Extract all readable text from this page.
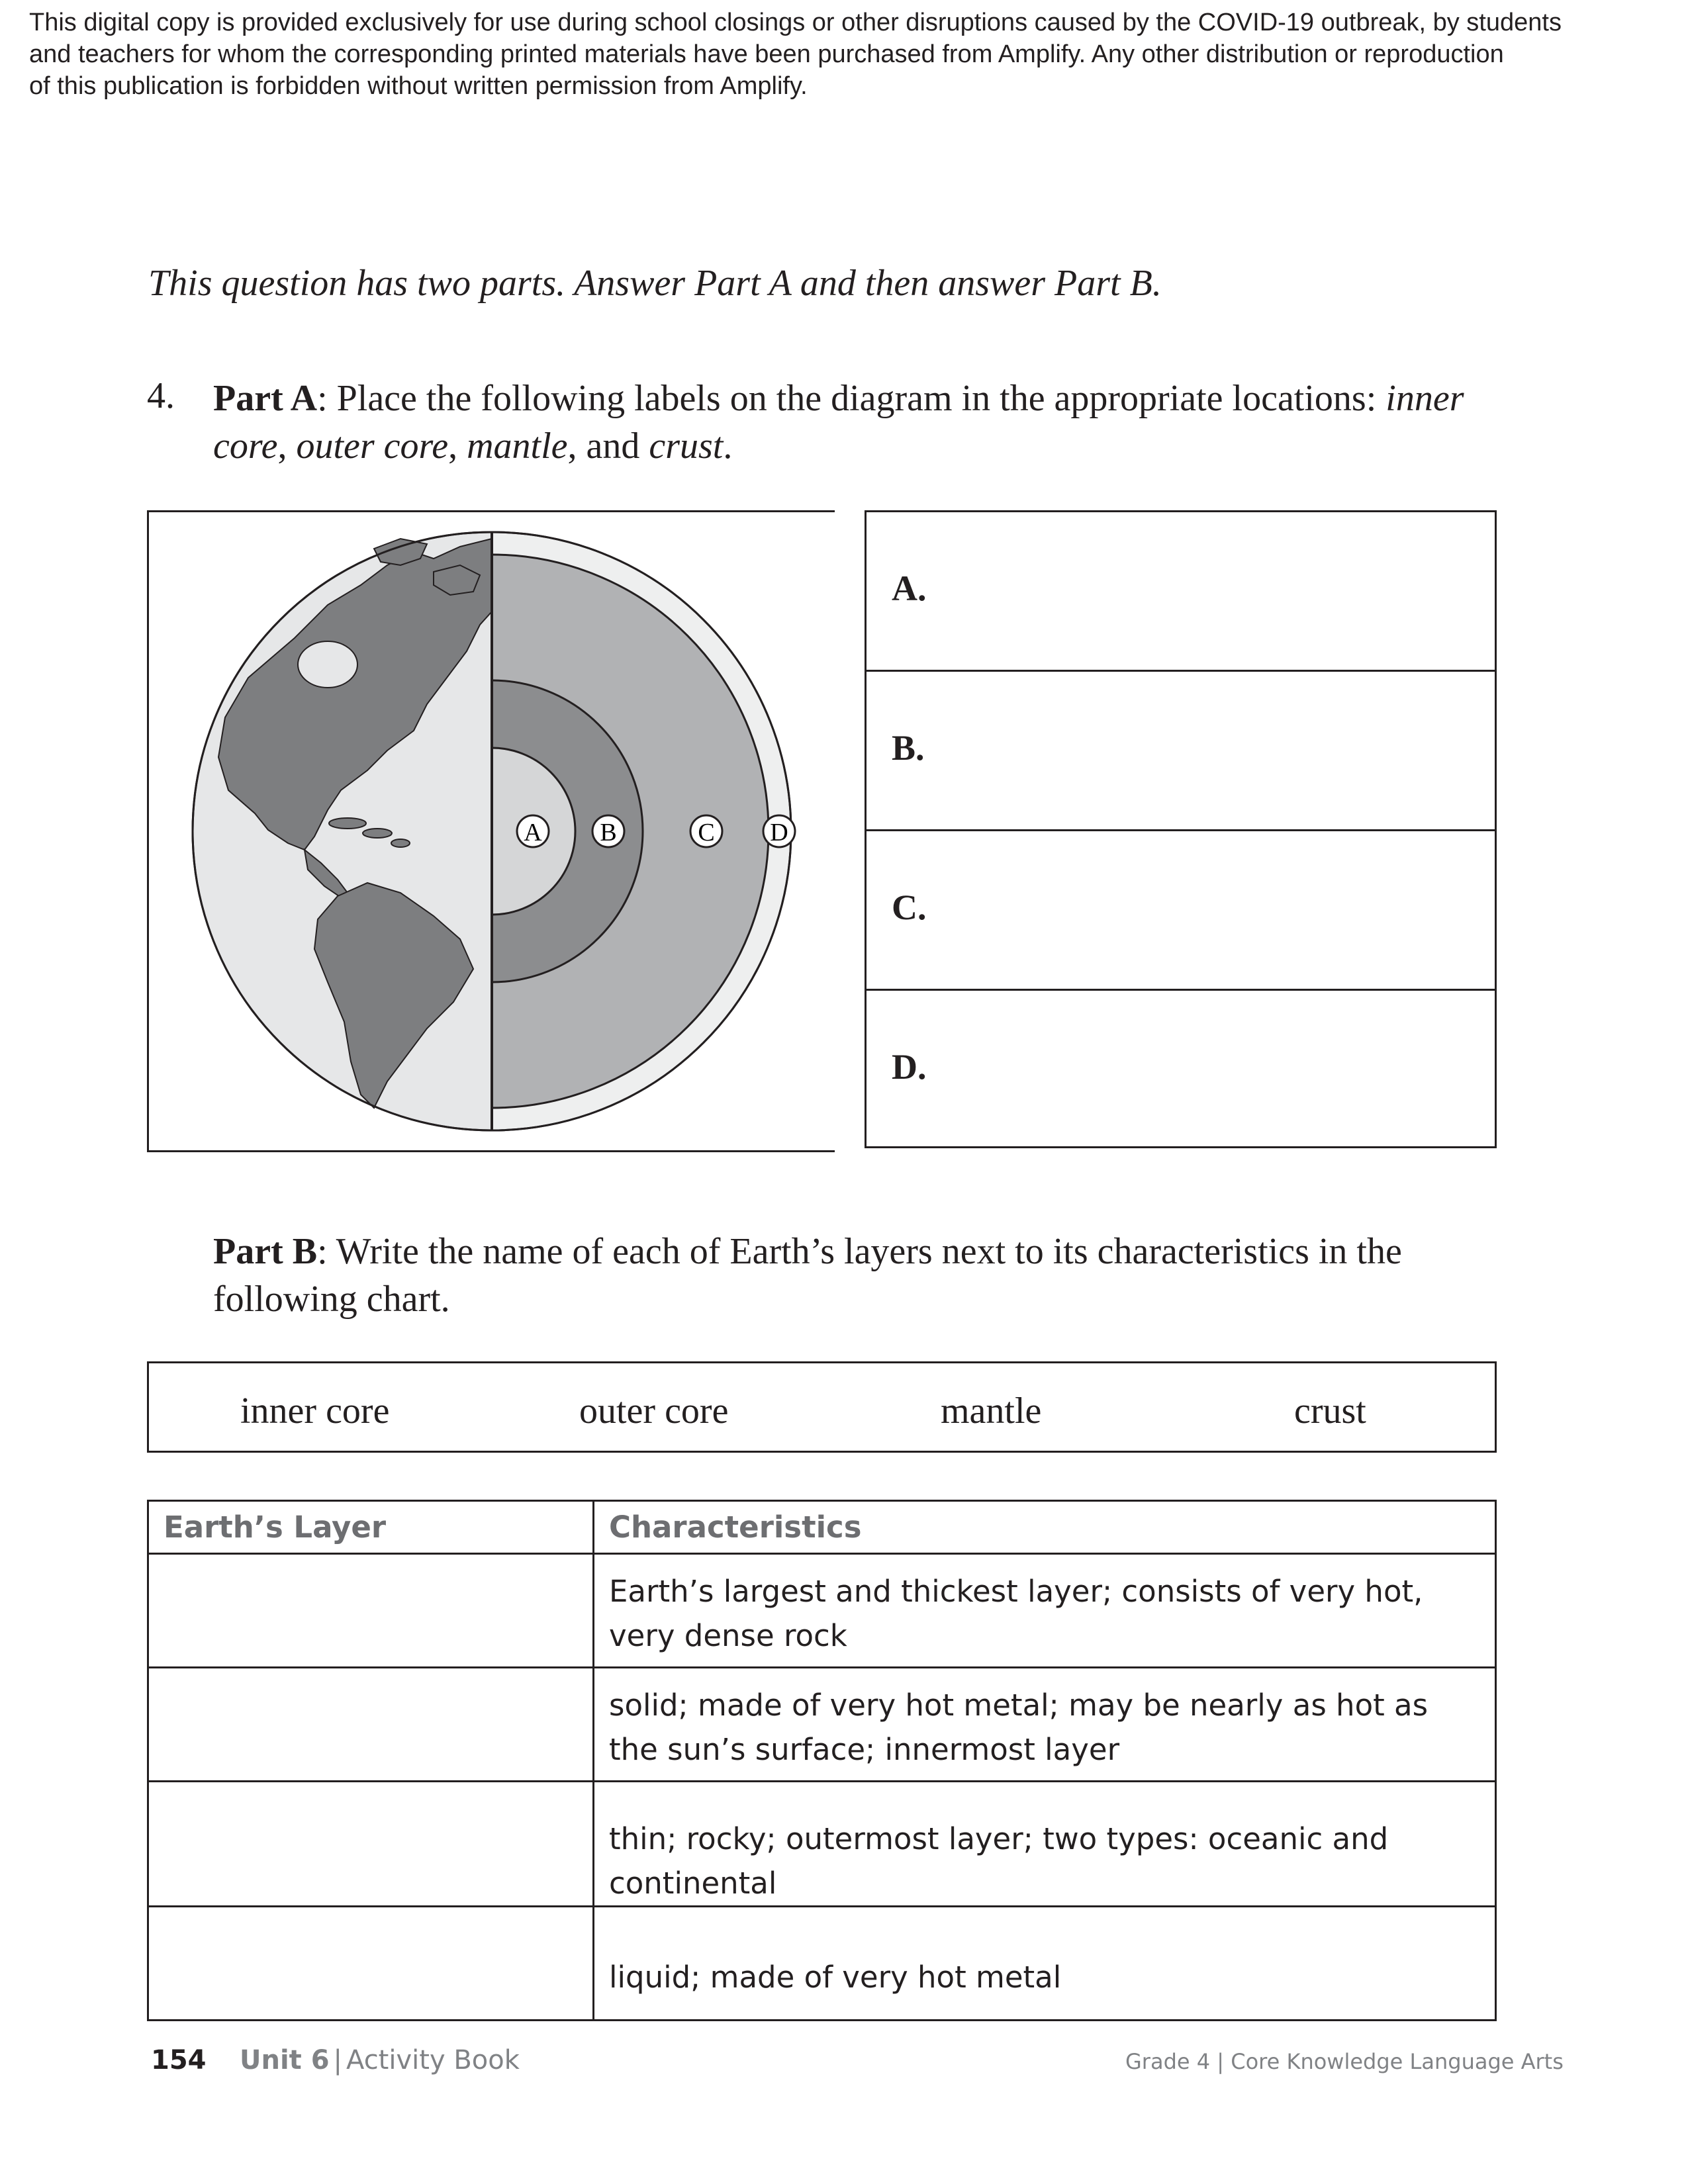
This digital copy is provided exclusively for use during school closings or other disruptions caused by the COVID-19 outbreak, by students
and teachers for whom the corresponding printed materials have been purchased from Amplify. Any other distribution or reproduction
of this publication is forbidden without written permission from Amplify.
This question has two parts. Answer Part A and then answer Part B.
4. Part A: Place the following labels on the diagram in the appropriate locations: inner
core, outer core, mantle, and crust.
A B	C D
A.
B.
C.
D.
Part B: Write the name of each of Earth’s layers next to its characteristics in the following chart.
inner core	outer core	mantle	crust
Earth’s Layer	Characteristics
	Earth’s largest and thickest layer; consists of very hot, very dense rock
	solid; made of very hot metal; may be nearly as hot as the sun’s surface; innermost layer
	thin; rocky; outermost layer; two types: oceanic and continental
	liquid; made of very hot metal
154 Unit 6 | Activity Book	Grade 4 | Core Knowledge Language Arts
